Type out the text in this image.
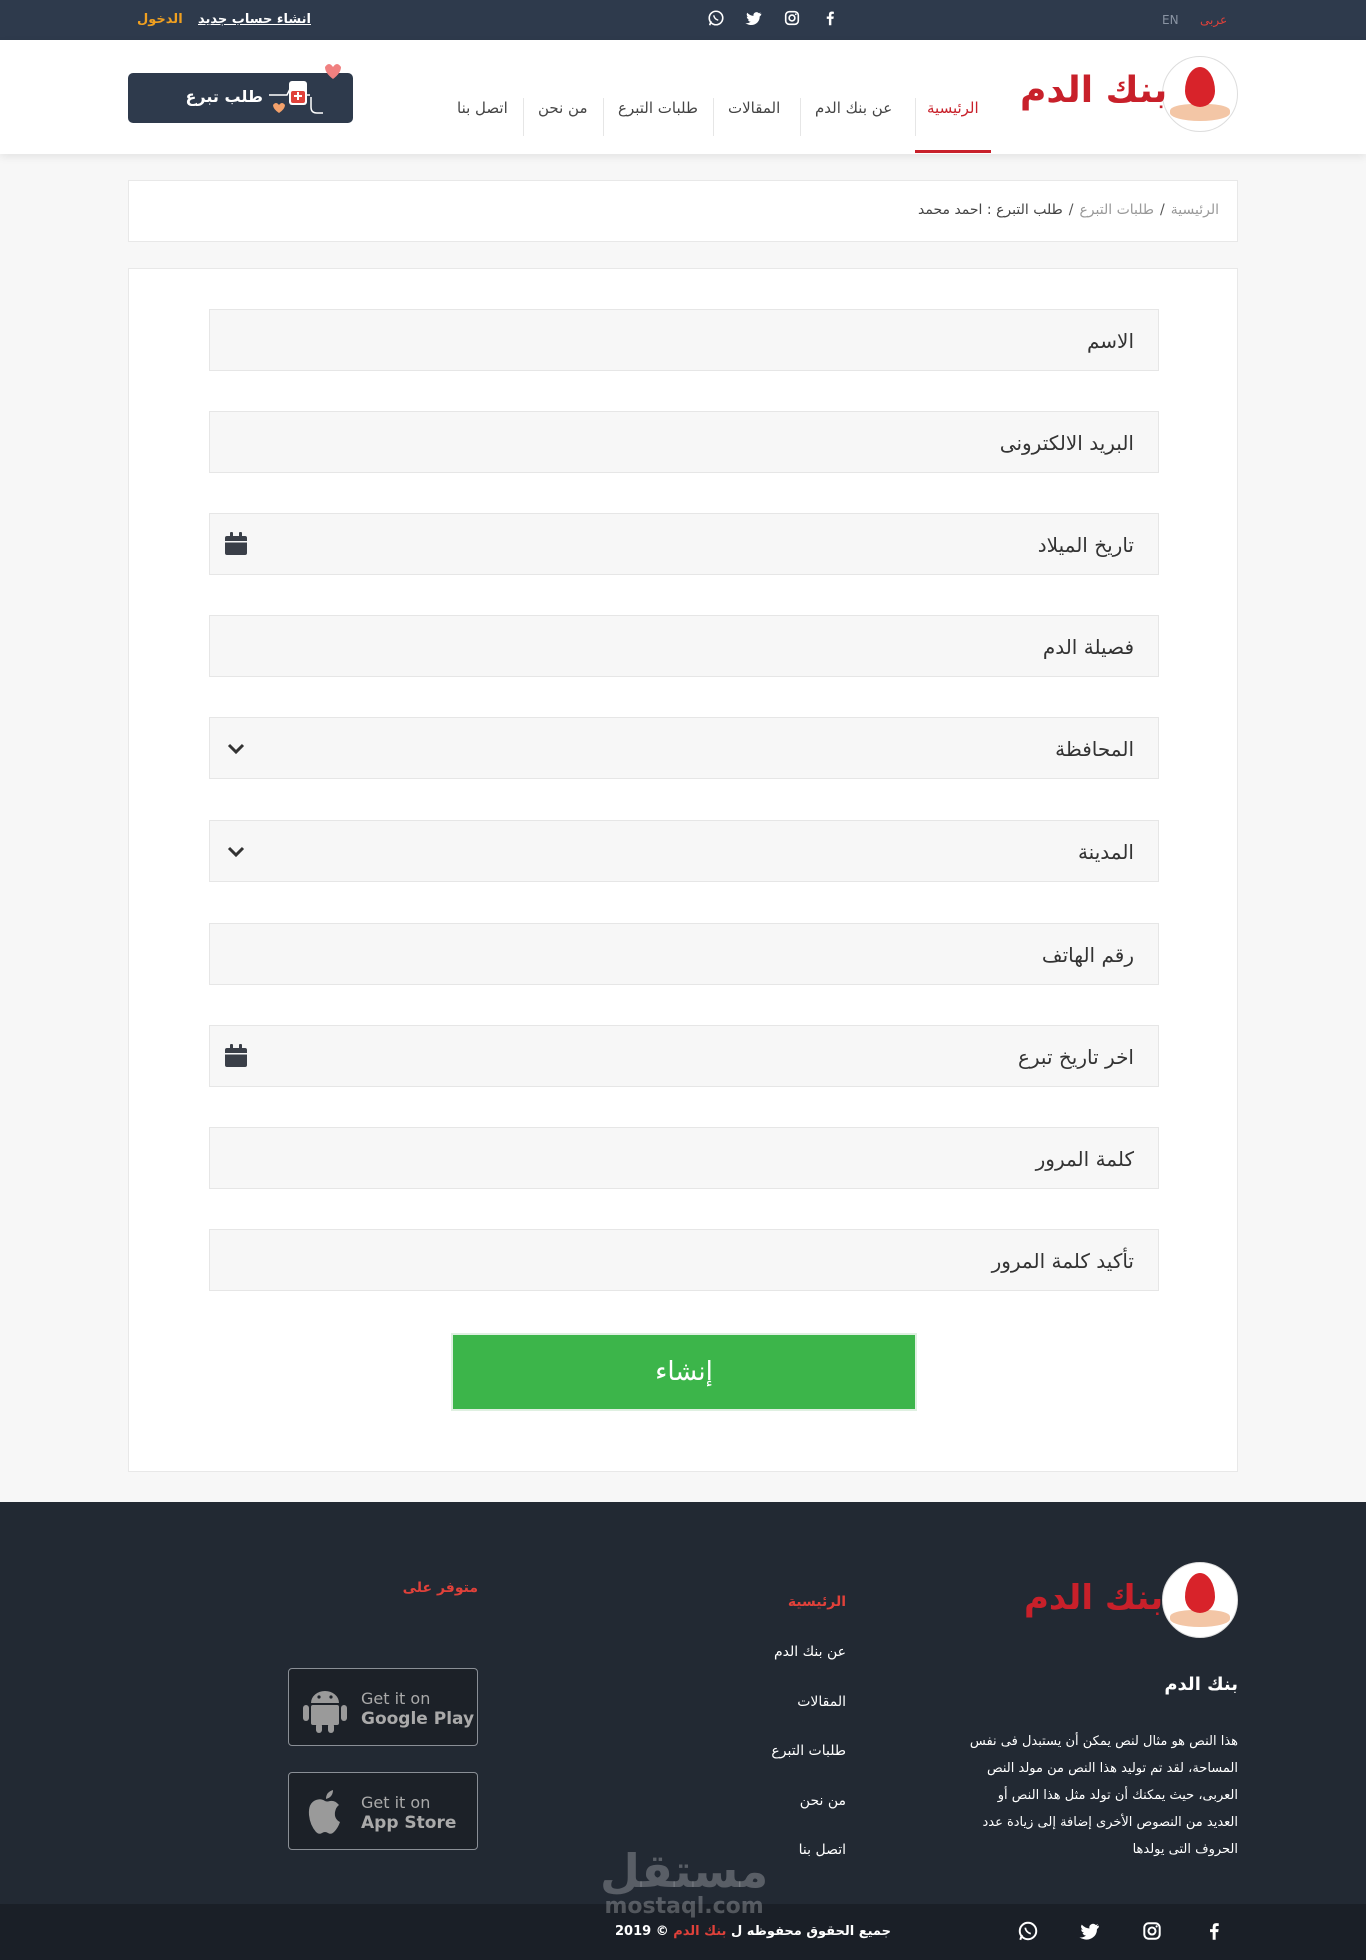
عربى
EN
انشاء حساب جديد
الدخول
بنك الدم
الرئيسية
عن بنك الدم
المقالات
طلبات التبرع
من نحن
اتصل بنا
طلب تبرع
الرئيسية
/
طلبات التبرع
/
طلب التبرع : احمد محمد
الاسم
البريد الالكترونى
تاريخ الميلاد
فصيلة الدم
المحافظة
المدينة
رقم الهاتف
اخر تاريخ تبرع
كلمة المرور
تأكيد كلمة المرور
إنشاء
بنك الدم
بنك الدم
هذا النص هو مثال لنص يمكن أن يستبدل فى نفس المساحة، لقد تم توليد هذا النص من مولد النص العربى، حيث يمكنك أن تولد مثل هذا النص أو العديد من النصوص الأخرى إضافة إلى زيادة عدد الحروف التى يولدها
الرئيسية
عن بنك الدم
المقالات
طلبات التبرع
من نحن
اتصل بنا
متوفر على
Get it on
Google Play
Get it on
App Store
جميع الحقوق محفوظه ل بنك الدم © 2019
مستقل
mostaql.com
